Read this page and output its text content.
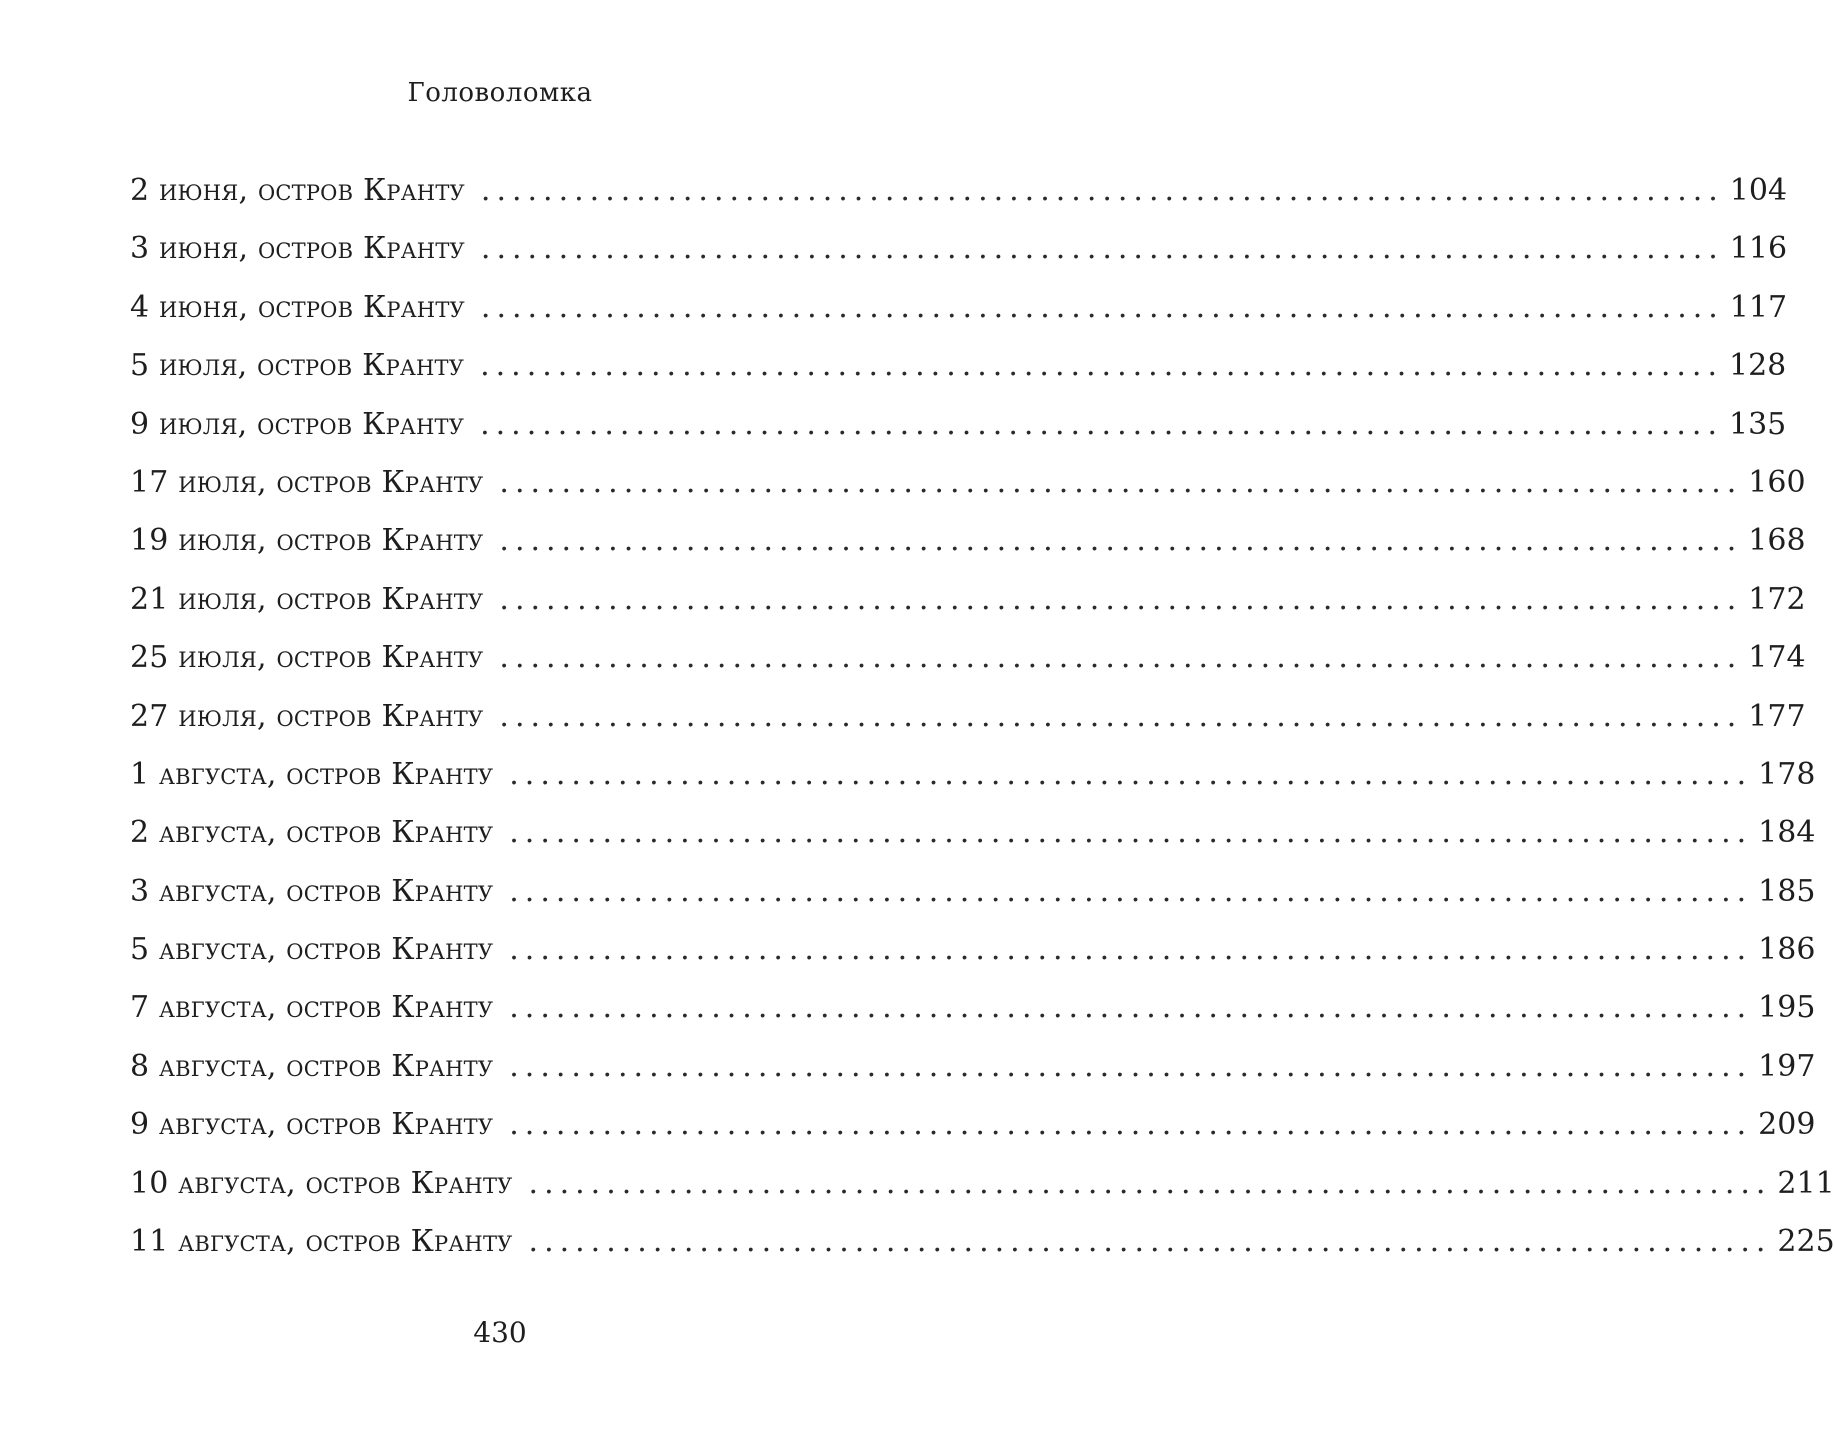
Головоломка
2 июня, остров Кранту ................................................................................ 104
3 июня, остров Кранту ................................................................................ 116
4 июня, остров Кранту ................................................................................ 117
5 июля, остров Кранту ................................................................................ 128
9 июля, остров Кранту ................................................................................ 135
17 июля, остров Кранту ................................................................................ 160
19 июля, остров Кранту ................................................................................ 168
21 июля, остров Кранту ................................................................................ 172
25 июля, остров Кранту ................................................................................ 174
27 июля, остров Кранту ................................................................................ 177
1 августа, остров Кранту ................................................................................ 178
2 августа, остров Кранту ................................................................................ 184
3 августа, остров Кранту ................................................................................ 185
5 августа, остров Кранту ................................................................................ 186
7 августа, остров Кранту ................................................................................ 195
8 августа, остров Кранту ................................................................................ 197
9 августа, остров Кранту ................................................................................ 209
10 августа, остров Кранту ................................................................................ 211
11 августа, остров Кранту ................................................................................ 225
430
